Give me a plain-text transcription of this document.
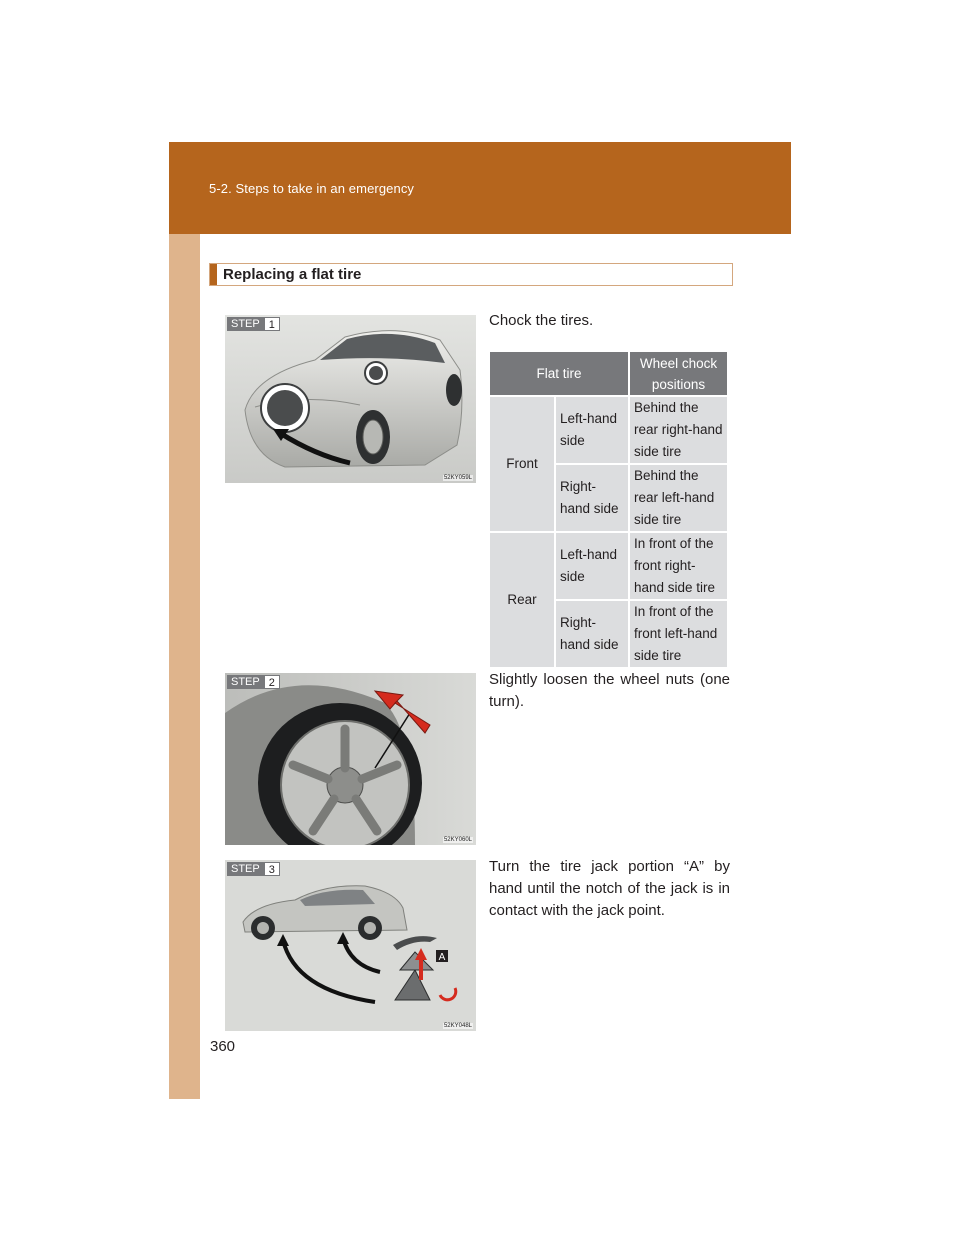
5-2. Steps to take in an emergency
Replacing a flat tire
STEP 1
52KY059L
Chock the tires.
Flat tire		Wheel chock positions
Front	Left-hand side	Behind the rear right-hand side tire
	Right-hand side	Behind the rear left-hand side tire
Rear	Left-hand side	In front of the front right-hand side tire
	Right-hand side	In front of the front left-hand side tire
STEP 2
52KY060L
Slightly loosen the wheel nuts (one turn).
A
STEP 3
52KY048L
Turn the tire jack portion “A” by hand until the notch of the jack is in contact with the jack point.
360
